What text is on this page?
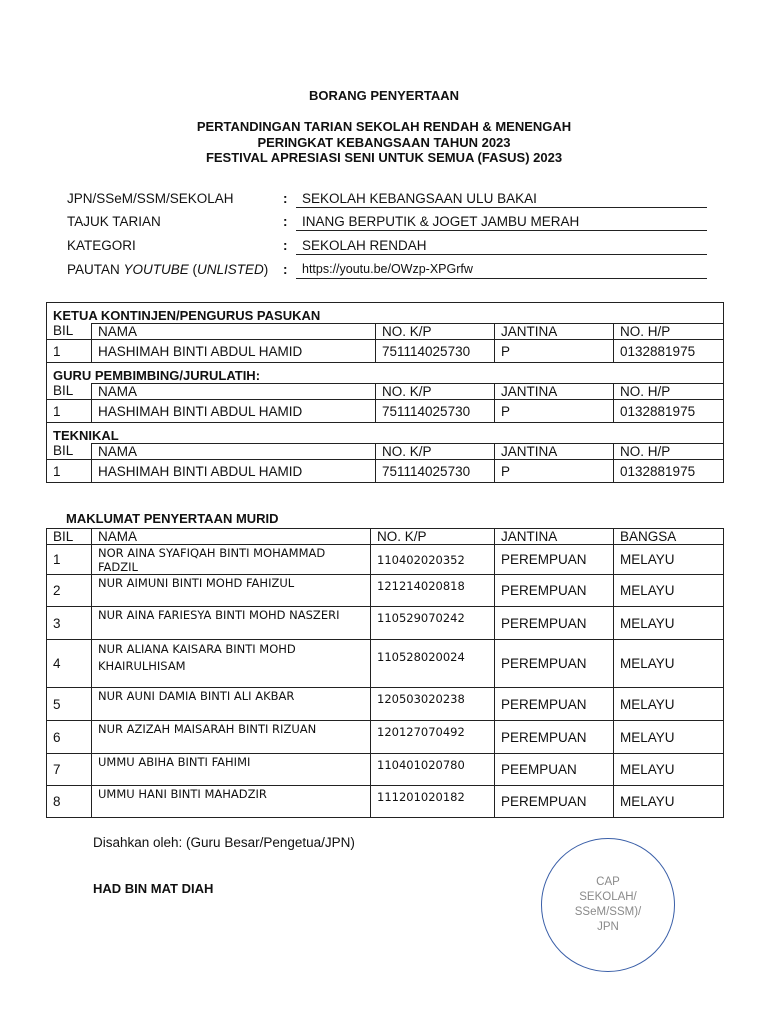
BORANG PENYERTAAN
PERTANDINGAN TARIAN SEKOLAH RENDAH & MENENGAH
PERINGKAT KEBANGSAAN TAHUN 2023
FESTIVAL APRESIASI SENI UNTUK SEMUA (FASUS) 2023
JPN/SSeM/SSM/SEKOLAH	:	SEKOLAH KEBANGSAAN ULU BAKAI
TAJUK TARIAN	:	INANG BERPUTIK & JOGET JAMBU MERAH
KATEGORI	:	SEKOLAH RENDAH
PAUTAN YOUTUBE (UNLISTED) :	https://youtu.be/OWzp-XPGrfw
KETUA KONTINJEN/PENGURUS PASUKAN				
BIL	NAMA	NO. K/P	JANTINA	NO. H/P
1	HASHIMAH BINTI ABDUL HAMID	751114025730	P	0132881975
GURU PEMBIMBING/JURULATIH:				
BIL	NAMA	NO. K/P	JANTINA	NO. H/P
1	HASHIMAH BINTI ABDUL HAMID	751114025730	P	0132881975
TEKNIKAL				
BIL	NAMA	NO. K/P	JANTINA	NO. H/P
1	HASHIMAH BINTI ABDUL HAMID	751114025730	P	0132881975
MAKLUMAT PENYERTAAN MURID
BIL	NAMA	NO. K/P	JANTINA	BANGSA
1	NOR AINA SYAFIQAH BINTI MOHAMMAD FADZIL	110402020352	PEREMPUAN	MELAYU
2	NUR AIMUNI BINTI MOHD FAHIZUL	121214020818	PEREMPUAN	MELAYU
3	NUR AINA FARIESYA BINTI MOHD NASZERI	110529070242	PEREMPUAN	MELAYU
4	NUR ALIANA KAISARA BINTI MOHD KHAIRULHISAM	110528020024	PEREMPUAN	MELAYU
5	NUR AUNI DAMIA BINTI ALI AKBAR	120503020238	PEREMPUAN	MELAYU
6	NUR AZIZAH MAISARAH BINTI RIZUAN	120127070492	PEREMPUAN	MELAYU
7	UMMU ABIHA BINTI FAHIMI	110401020780	PEEMPUAN	MELAYU
8	UMMU HANI BINTI MAHADZIR	111201020182	PEREMPUAN	MELAYU
Disahkan oleh: (Guru Besar/Pengetua/JPN)
HAD BIN MAT DIAH	CAP
SEKOLAH/
SSeM/SSM)/
JPN
